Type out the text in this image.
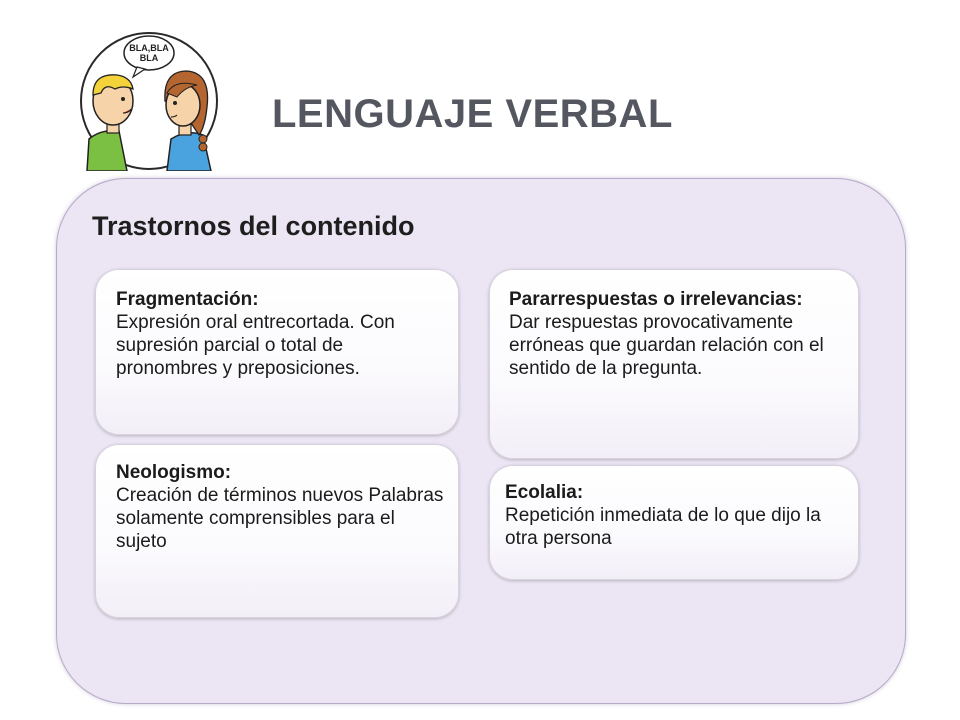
BLA,BLA
BLA
LENGUAJE VERBAL
Trastornos del contenido
Fragmentación:
Expresión oral entrecortada. Con supresión parcial o total de pronombres y preposiciones.
Pararrespuestas o irrelevancias:
Dar respuestas provocativamente erróneas que guardan relación con el sentido de la pregunta.
Neologismo:
Creación de términos nuevos Palabras solamente comprensibles para el sujeto
Ecolalia:
Repetición inmediata de lo que dijo la otra persona
